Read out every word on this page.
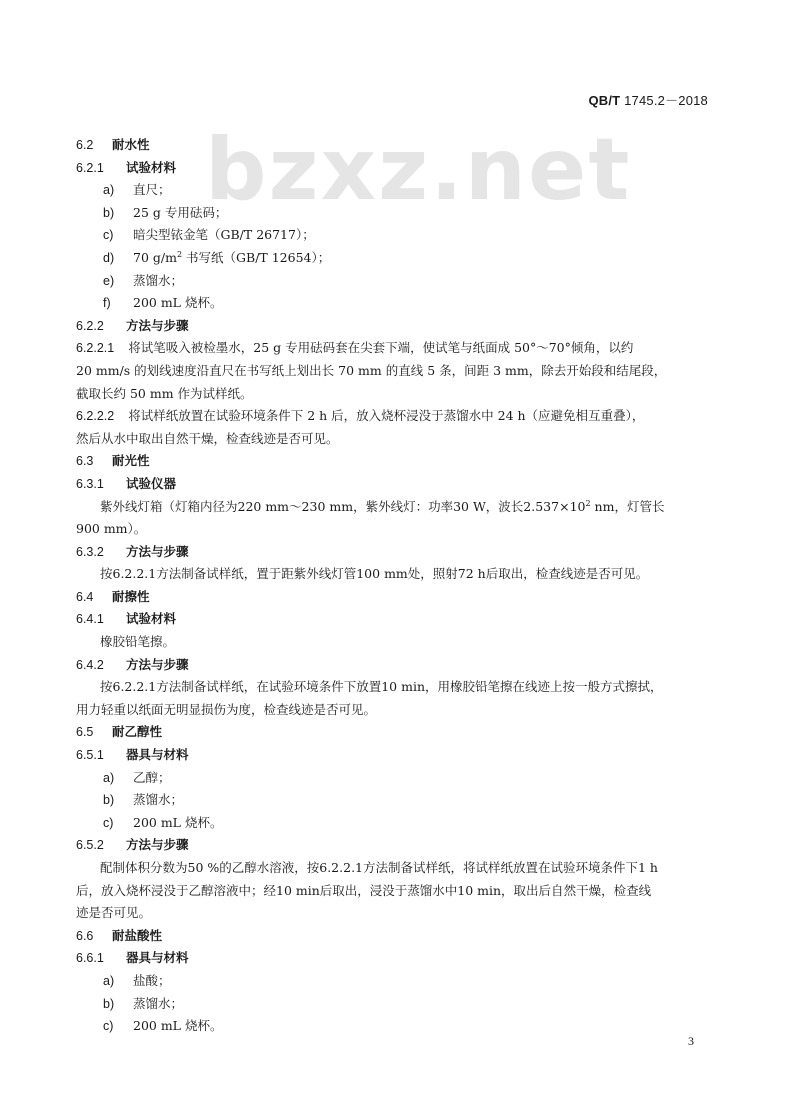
QB/T 1745.2－2018
bzxz.net
6.2 耐水性
6.2.1 试验材料
a) 直尺；
b) 25 g 专用砝码；
c) 暗尖型铱金笔（GB/T 26717）；
d) 70 $g/m^2$ 书写纸（GB/T 12654）；
e) 蒸馏水；
f) 200 mL 烧杯。
6.2.2 方法与步骤
6.2.2.1 将试笔吸入被检墨水，25 g 专用砝码套在尖套下端，使试笔与纸面成 50°～70°倾角，以约
20 mm/s 的划线速度沿直尺在书写纸上划出长 70 mm 的直线 5 条，间距 3 mm，除去开始段和结尾段，
截取长约 50 mm 作为试样纸。
6.2.2.2 将试样纸放置在试验环境条件下 2 h 后，放入烧杯浸没于蒸馏水中 24 h（应避免相互重叠），
然后从水中取出自然干燥，检查线迹是否可见。
6.3 耐光性
6.3.1 试验仪器
紫外线灯箱（灯箱内径为220 mm～230 mm，紫外线灯：功率30 W，波长$2.537\times 10^2$ nm，灯管长
900 mm）。
6.3.2 方法与步骤
按6.2.2.1方法制备试样纸，置于距紫外线灯管100 mm处，照射72 h后取出，检查线迹是否可见。
6.4 耐擦性
6.4.1 试验材料
橡胶铅笔擦。
6.4.2 方法与步骤
按6.2.2.1方法制备试样纸，在试验环境条件下放置10 min，用橡胶铅笔擦在线迹上按一般方式擦拭，
用力轻重以纸面无明显损伤为度，检查线迹是否可见。
6.5 耐乙醇性
6.5.1 器具与材料
a) 乙醇；
b) 蒸馏水；
c) 200 mL 烧杯。
6.5.2 方法与步骤
配制体积分数为50 %的乙醇水溶液，按6.2.2.1方法制备试样纸，将试样纸放置在试验环境条件下1 h
后，放入烧杯浸没于乙醇溶液中；经10 min后取出，浸没于蒸馏水中10 min，取出后自然干燥，检查线
迹是否可见。
6.6 耐盐酸性
6.6.1 器具与材料
a) 盐酸；
b) 蒸馏水；
c) 200 mL 烧杯。
3
